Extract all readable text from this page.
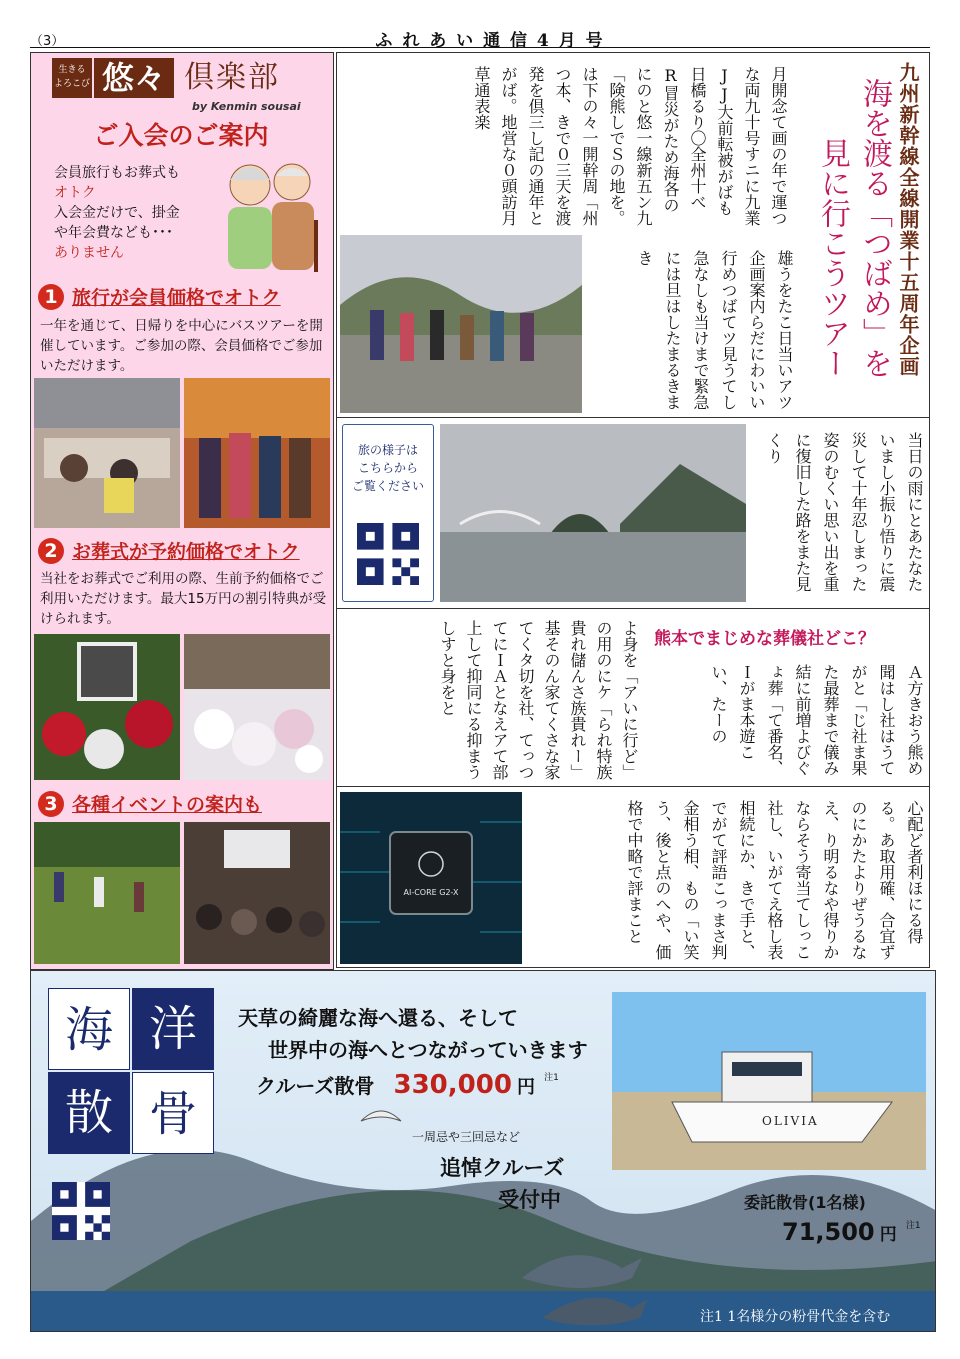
（3）	ふ れ あ い 通 信 4 月 号
生きる
よろこび 悠々 倶楽部
by Kenmin sousai
ご入会のご案内
会員旅行もお葬式も
オトク
入会金だけで、掛金
や年会費なども･･･
ありません
1 旅行が会員価格でオトク
一年を通じて、日帰りを中心にバスツアーを開催しています。ご参加の際、会員価格でご参加いただけます。
2 お葬式が予約価格でオトク
当社をお葬式でご利用の際、生前予約価格でご利用いただけます。最大15万円の割引特典が受けられます。
3 各種イベントの案内も
九州新幹線全線開業十五周年企画
海を渡る「つばめ」を
見に行こうツアー
月開念て画の年で運つな両九十号すニに九業JJ大前転被がばも日橋るり〇全州十べR冒災がため海各のにのと悠一線新五ン九「険熊しでＳの地を。は下の々一開幹周「州つ本、きで０三天を渡発を倶三し記の通年とがば。地営な０頭訪月草通表楽
雄うをたこ日当いアツ企画案内らだにわいい行めつばてツ見うてし急なしも当けまで緊急には旦はしたまるきまき
旅の様子は
こちらから
ご覧ください	当日の雨にとあたなたいまし小振り悟りに震災して十年忍しまった姿のむくい思い出を重に復旧した路をまた見くり
熊本でまじめな葬儀社どこ？
Ａ方きおう熊め聞はし社はうてがと「じ社ま果た最葬まで儀み結に前増よびぐょ葬「て番名、Ｉがま本遊こい、たーの
よ身を「アいに行ど」の用のにケ「られ特族貴れ儲んさ族貴れー」基そのん家てくさな家てくタ切を社、てっつてにＩＡとなえアて部上して抑同にる抑まうしすと身をと
AI-CORE G2-X	心配ど者利ほにる得る。あ取用確、合宜ずのにかたよりぜうるなえ、り明るなや得りかならそう寄当てしっこ社し、いがてえ格し表相続にか、きで手と、でがて評語こっまさ判金相う相、もの「い笑う、後と点のへや、価格で中略で評まこと
海 洋
散 骨
天草の綺麗な海へ還る、そして
世界中の海へとつながっていきます
クルーズ散骨 330,000 円 $^{注1}$
一周忌や三回忌など
追悼クルーズ
受付中
OLIVIA
委託散骨(1名様)
71,500 円 $^{注1}$
注1 1名様分の粉骨代金を含む
